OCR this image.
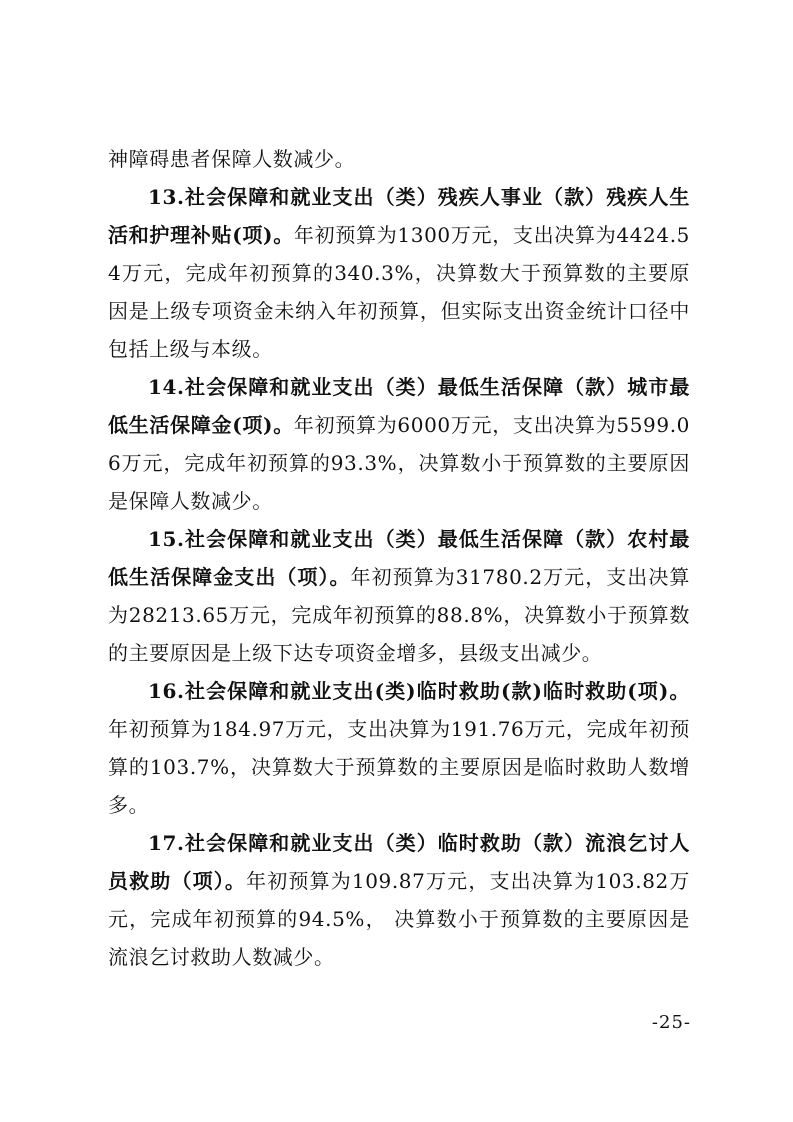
神障碍患者保障人数减少。

13.社会保障和就业支出（类）残疾人事业（款）残疾人生活和护理补贴(项)。年初预算为1300万元，支出决算为4424.54万元，完成年初预算的340.3%，决算数大于预算数的主要原因是上级专项资金未纳入年初预算，但实际支出资金统计口径中包括上级与本级。

14.社会保障和就业支出（类）最低生活保障（款）城市最低生活保障金(项)。年初预算为6000万元，支出决算为5599.06万元，完成年初预算的93.3%，决算数小于预算数的主要原因是保障人数减少。

15.社会保障和就业支出（类）最低生活保障（款）农村最低生活保障金支出（项）。年初预算为31780.2万元，支出决算为28213.65万元，完成年初预算的88.8%，决算数小于预算数的主要原因是上级下达专项资金增多，县级支出减少。

16.社会保障和就业支出(类)临时救助(款)临时救助(项)。年初预算为184.97万元，支出决算为191.76万元，完成年初预算的103.7%，决算数大于预算数的主要原因是临时救助人数增多。

17.社会保障和就业支出（类）临时救助（款）流浪乞讨人员救助（项）。年初预算为109.87万元，支出决算为103.82万元，完成年初预算的94.5%， 决算数小于预算数的主要原因是流浪乞讨救助人数减少。

-25-
